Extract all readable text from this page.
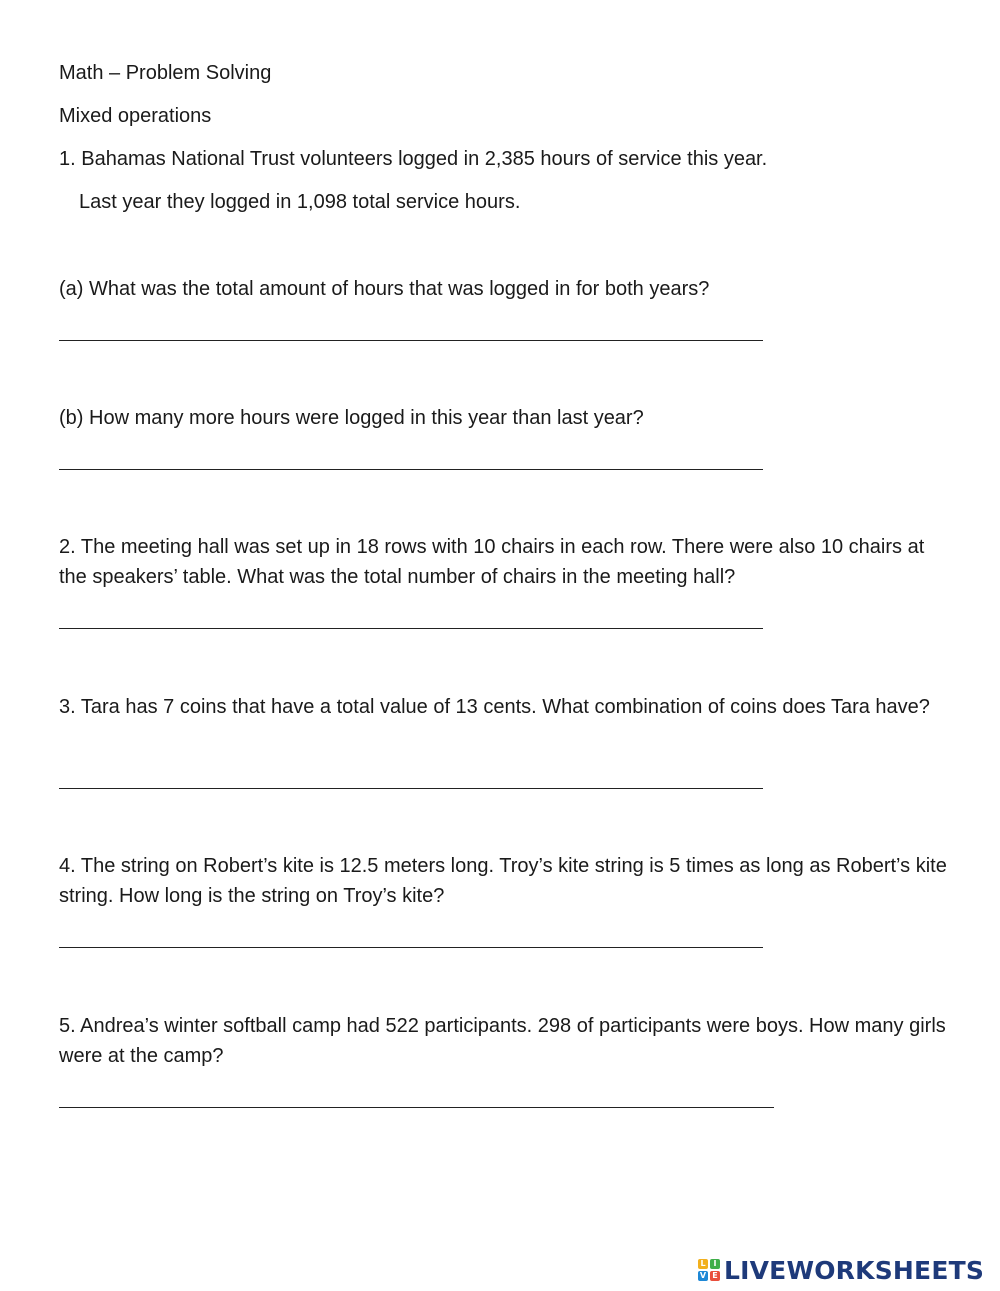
Math – Problem Solving
Mixed operations
1. Bahamas National Trust volunteers logged in 2,385 hours of service this year.
Last year they logged in 1,098 total service hours.
(a) What was the total amount of hours that was logged in for both years?
(b) How many more hours were logged in this year than last year?
2. The meeting hall was set up in 18 rows with 10 chairs in each row. There were also 10 chairs at the speakers’ table. What was the total number of chairs in the meeting hall?
3. Tara has 7 coins that have a total value of 13 cents. What combination of coins does Tara have?
4. The string on Robert’s kite is 12.5 meters long. Troy’s kite string is 5 times as long as Robert’s kite string. How long is the string on Troy’s kite?
5. Andrea’s winter softball camp had 522 participants. 298 of participants were boys. How many girls were at the camp?
L I
V E LIVEWORKSHEETS
